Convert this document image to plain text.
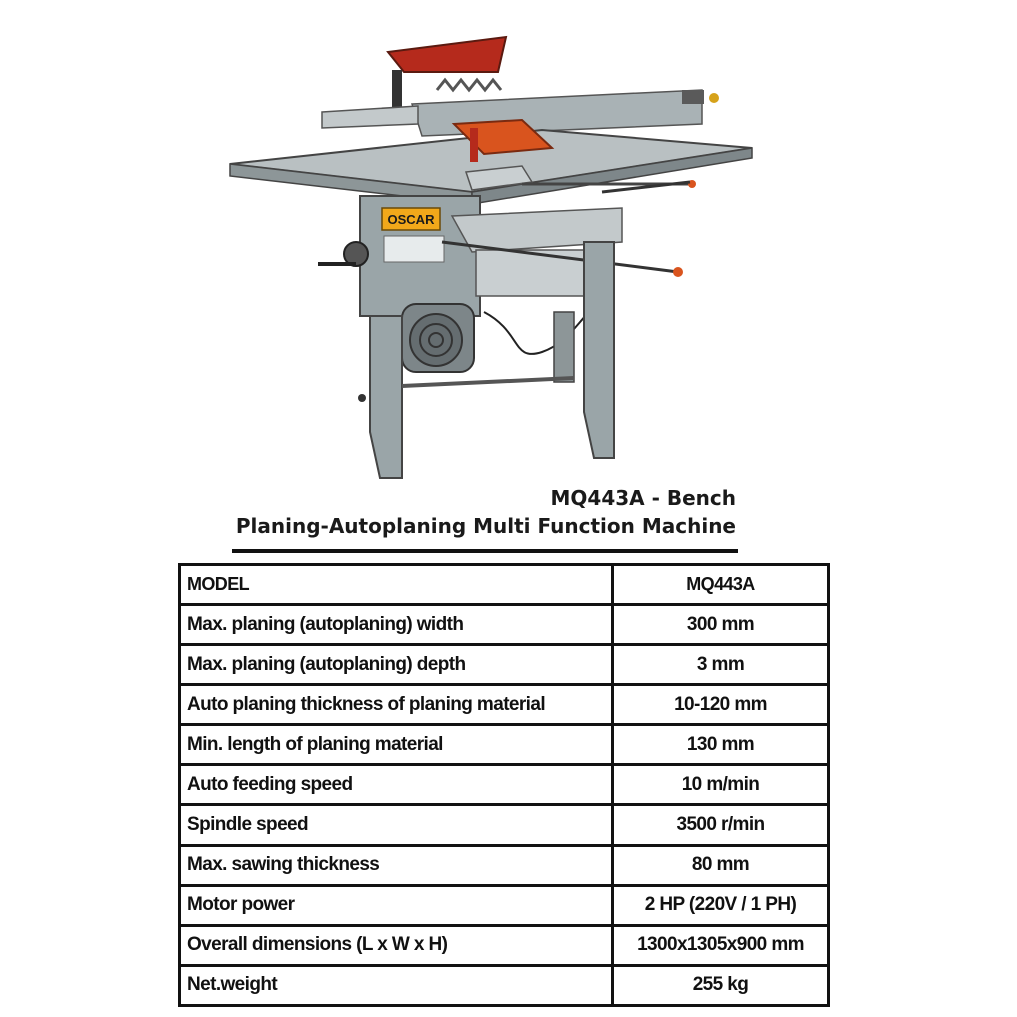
OSCAR
MQ443A - Bench
Planing-Autoplaning Multi Function Machine
MODEL	MQ443A
Max. planing (autoplaning) width	300 mm
Max. planing (autoplaning) depth	3 mm
Auto planing thickness of planing material	10-120 mm
Min. length of planing material	130 mm
Auto feeding speed	10 m/min
Spindle speed	3500 r/min
Max. sawing thickness	80 mm
Motor power	2 HP (220V / 1 PH)
Overall dimensions (L x W x H)	1300x1305x900 mm
Net.weight	255 kg
